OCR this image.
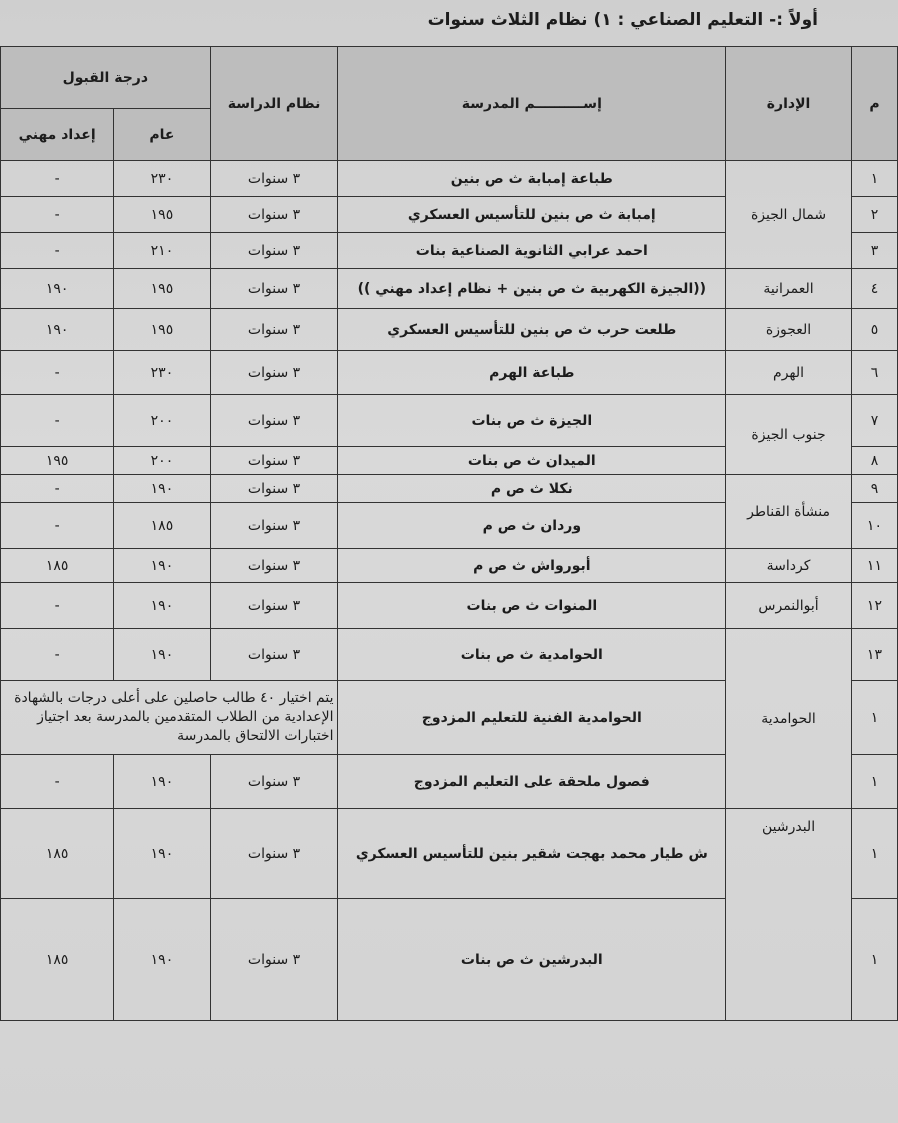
أولاً :- التعليم الصناعي : ١) نظام الثلاث سنوات
م	الإدارة	إســــــــــم المدرسة	نظام الدراسة	درجة القبول	
				عام	إعداد مهني
١	شمال الجيزة	طباعة إمبابة ث ص بنين	٣ سنوات	٢٣٠	-
٢		إمبابة ث ص بنين للتأسيس العسكري	٣ سنوات	١٩٥	-
٣		احمد عرابي الثانوية الصناعية بنات	٣ سنوات	٢١٠	-
٤	العمرانية	((الجيزة الكهربية ث ص بنين + نظام إعداد مهني ))	٣ سنوات	١٩٥	١٩٠
٥	العجوزة	طلعت حرب ث ص بنين للتأسيس العسكري	٣ سنوات	١٩٥	١٩٠
٦	الهرم	طباعة الهرم	٣ سنوات	٢٣٠	-
٧	جنوب الجيزة	الجيزة ث ص بنات	٣ سنوات	٢٠٠	-
٨		الميدان ث ص بنات	٣ سنوات	٢٠٠	١٩٥
٩	منشأة القناطر	نكلا ث ص م	٣ سنوات	١٩٠	-
١٠		وردان ث ص م	٣ سنوات	١٨٥	-
١١	كرداسة	أبورواش ث ص م	٣ سنوات	١٩٠	١٨٥
١٢	أبوالنمرس	المنوات ث ص بنات	٣ سنوات	١٩٠	-
١٣	الحوامدية	الحوامدية ث ص بنات	٣ سنوات	١٩٠	-
١		الحوامدية الفنية للتعليم المزدوج	يتم اختيار ٤٠ طالب حاصلين على أعلى درجات بالشهادة الإعدادية من الطلاب المتقدمين بالمدرسة بعد اجتياز اختبارات الالتحاق بالمدرسة		
١		فصول ملحقة على التعليم المزدوج	٣ سنوات	١٩٠	-
١	البدرشين	ش طيار محمد بهجت شقير بنين للتأسيس العسكري	٣ سنوات	١٩٠	١٨٥
١		البدرشين ث ص بنات	٣ سنوات	١٩٠	١٨٥
